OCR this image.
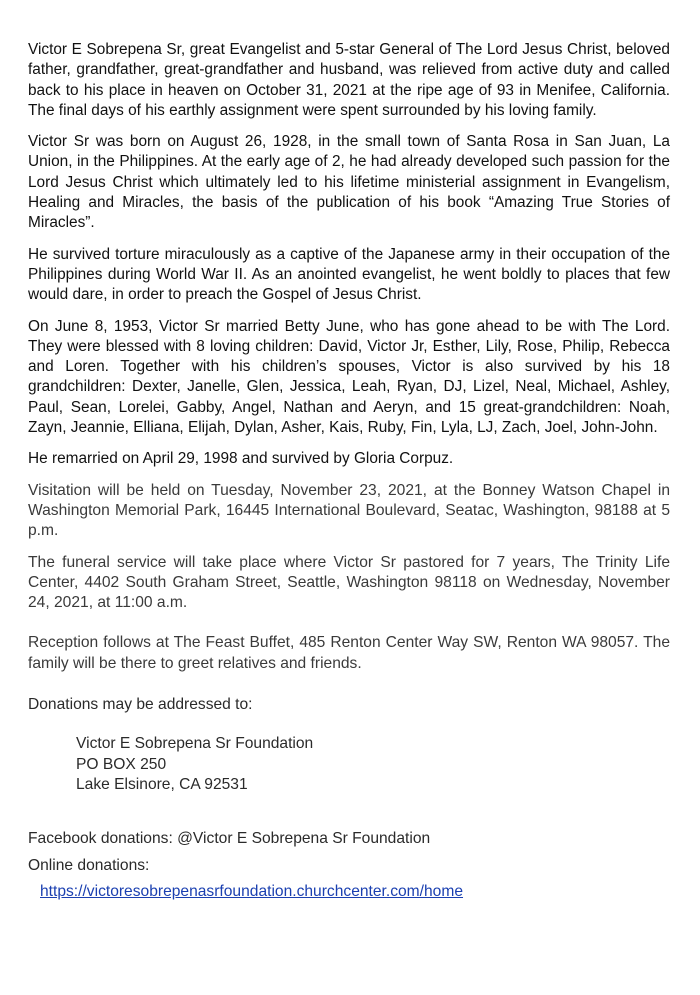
Victor E Sobrepena Sr, great Evangelist and 5-star General of The Lord Jesus Christ, beloved father, grandfather, great-grandfather and husband, was relieved from active duty and called back to his place in heaven on October 31, 2021 at the ripe age of 93 in Menifee, California. The final days of his earthly assignment were spent surrounded by his loving family.

Victor Sr was born on August 26, 1928, in the small town of Santa Rosa in San Juan, La Union, in the Philippines. At the early age of 2, he had already developed such passion for the Lord Jesus Christ which ultimately led to his lifetime ministerial assignment in Evangelism, Healing and Miracles, the basis of the publication of his book “Amazing True Stories of Miracles”.

He survived torture miraculously as a captive of the Japanese army in their occupation of the Philippines during World War II. As an anointed evangelist, he went boldly to places that few would dare, in order to preach the Gospel of Jesus Christ.

On June 8, 1953, Victor Sr married Betty June, who has gone ahead to be with The Lord. They were blessed with 8 loving children: David, Victor Jr, Esther, Lily, Rose, Philip, Rebecca and Loren. Together with his children’s spouses, Victor is also survived by his 18 grandchildren: Dexter, Janelle, Glen, Jessica, Leah, Ryan, DJ, Lizel, Neal, Michael, Ashley, Paul, Sean, Lorelei, Gabby, Angel, Nathan and Aeryn, and 15 great-grandchildren: Noah, Zayn, Jeannie, Elliana, Elijah, Dylan, Asher, Kais, Ruby, Fin, Lyla, LJ, Zach, Joel, John-John.

He remarried on April 29, 1998 and survived by Gloria Corpuz.

Visitation will be held on Tuesday, November 23, 2021, at the Bonney Watson Chapel in Washington Memorial Park, 16445 International Boulevard, Seatac, Washington, 98188 at 5 p.m.

The funeral service will take place where Victor Sr pastored for 7 years, The Trinity Life Center, 4402 South Graham Street, Seattle, Washington 98118 on Wednesday, November 24, 2021, at 11:00 a.m.

Reception follows at The Feast Buffet, 485 Renton Center Way SW, Renton WA 98057. The family will be there to greet relatives and friends.

Donations may be addressed to:

Victor E Sobrepena Sr Foundation
PO BOX 250
Lake Elsinore, CA 92531

Facebook donations: @Victor E Sobrepena Sr Foundation

Online donations:

https://victoresobrepenasrfoundation.churchcenter.com/home
